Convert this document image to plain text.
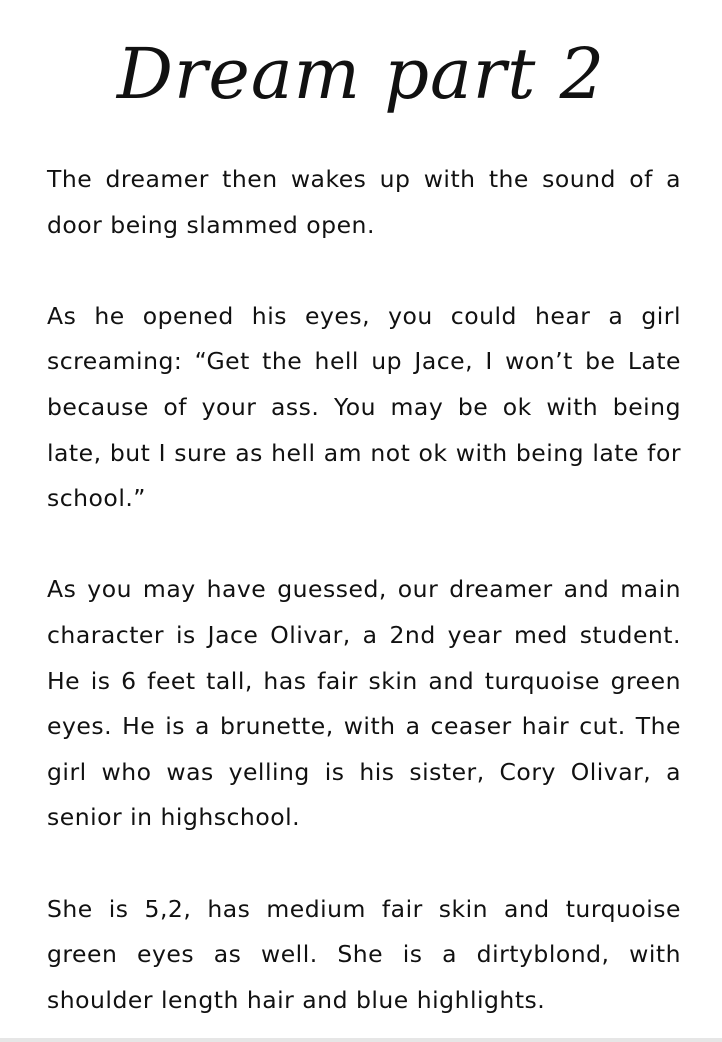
Dream part 2

The dreamer then wakes up with the sound of a door being slammed open.

As he opened his eyes, you could hear a girl screaming: “Get the hell up Jace, I won’t be Late because of your ass. You may be ok with being late, but I sure as hell am not ok with being late for school.”

As you may have guessed, our dreamer and main character is Jace Olivar, a 2nd year med student. He is 6 feet tall, has fair skin and turquoise green eyes. He is a brunette, with a ceaser hair cut. The girl who was yelling is his sister, Cory Olivar, a senior in highschool.

She is 5,2, has medium fair skin and turquoise green eyes as well. She is a dirtyblond, with shoulder length hair and blue highlights.
